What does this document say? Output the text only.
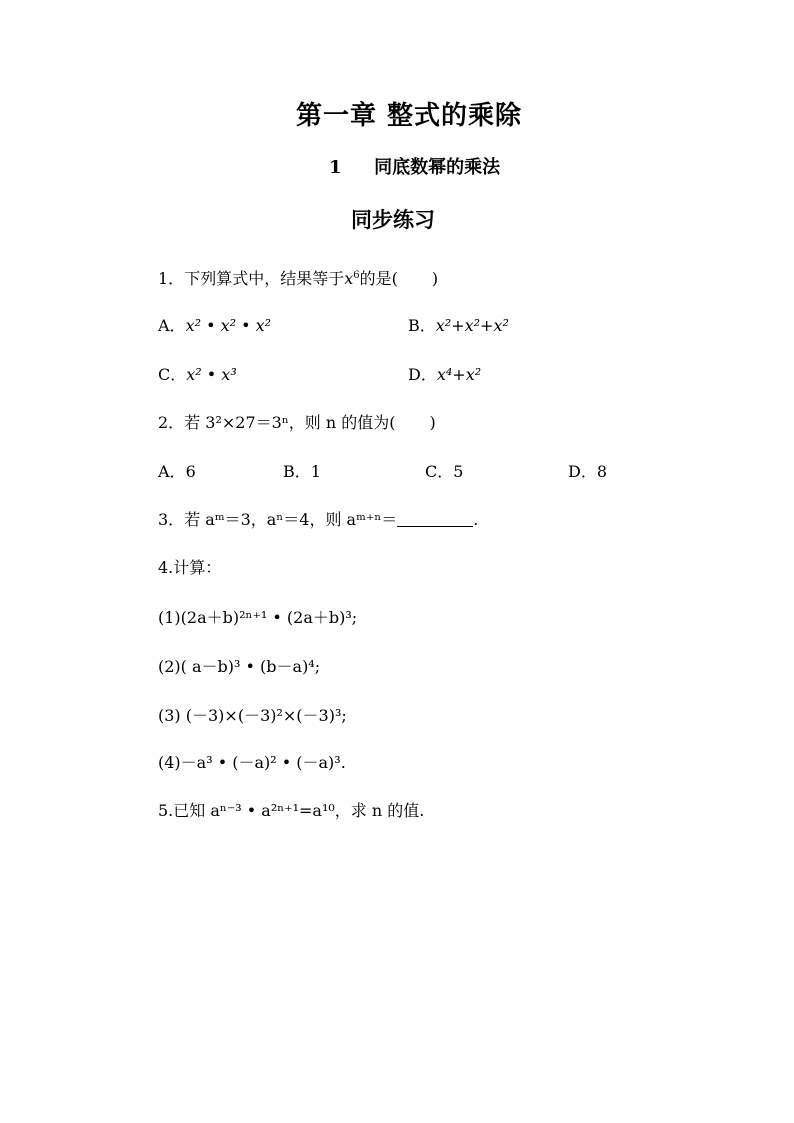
第一章 整式的乘除
1 同底数幂的乘法
同步练习
1．下列算式中，结果等于$x^6$的是( )
A．x² • x² • x²	B．x²+x²+x²
C．x² • x³	D．x⁴+x²
2．若 3²×27＝3ⁿ，则 n 的值为( )
A．6	B．1	C．5	D．8
3．若 aᵐ＝3，aⁿ＝4，则 aᵐ⁺ⁿ＝	.
4.计算：
(1)(2a＋b)²ⁿ⁺¹ • (2a＋b)³;
(2)( a－b)³ • (b－a)⁴;
(3) (－3)×(－3)²×(－3)³;
(4)－a³ • (－a)² • (－a)³.
5.已知 aⁿ⁻³ • a²ⁿ⁺¹=a¹⁰，求 n 的值.
